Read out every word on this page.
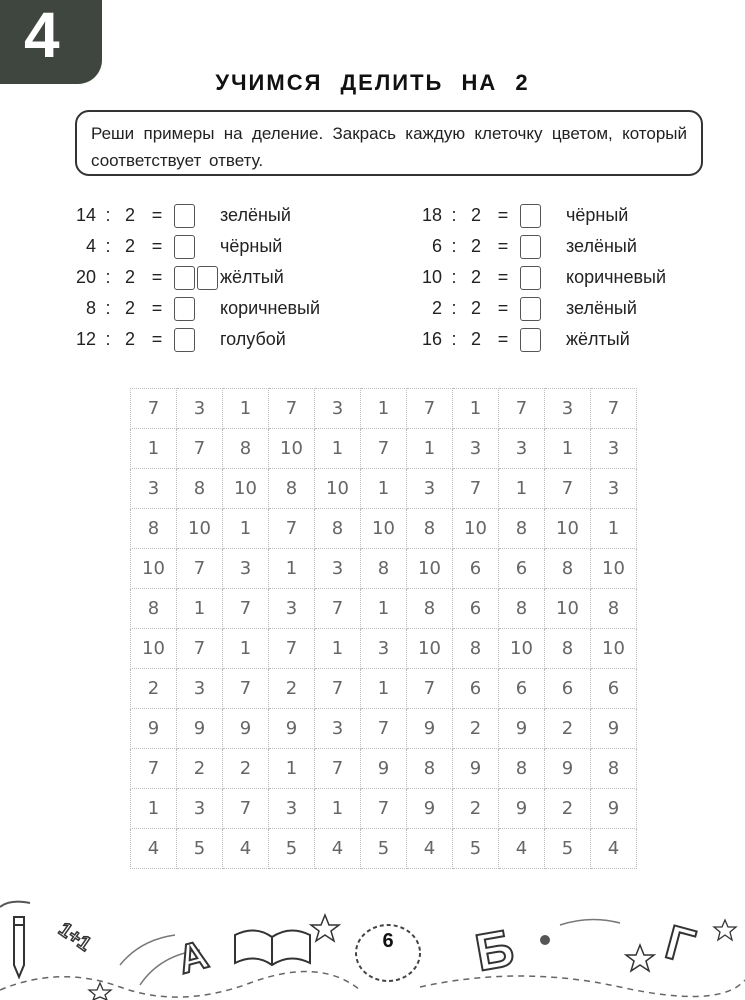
4
УЧИМСЯ ДЕЛИТЬ НА 2
Реши примеры на деление. Закрась каждую клеточку цветом, который соответствует ответу.
14 : 2 =	зелёный
4 : 2 =	чёрный
20 : 2 =	жёлтый
8 : 2 =	коричневый
12 : 2 =	голубой
18 : 2 =	чёрный
6 : 2 =	зелёный
10 : 2 =	коричневый
2 : 2 =	зелёный
16 : 2 =	жёлтый
7	3	1	7	3	1	7	1	7	3	7
1	7	8	10	1	7	1	3	3	1	3
3	8	10	8	10	1	3	7	1	7	3
8	10	1	7	8	10	8	10	8	10	1
10	7	3	1	3	8	10	6	6	8	10
8	1	7	3	7	1	8	6	8	10	8
10	7	1	7	1	3	10	8	10	8	10
2	3	7	2	7	1	7	6	6	6	6
9	9	9	9	3	7	9	2	9	2	9
7	2	2	1	7	9	8	9	8	9	8
1	3	7	3	1	7	9	2	9	2	9
4	5	4	5	4	5	4	5	4	5	4
1+1 А	Б	Г
6
